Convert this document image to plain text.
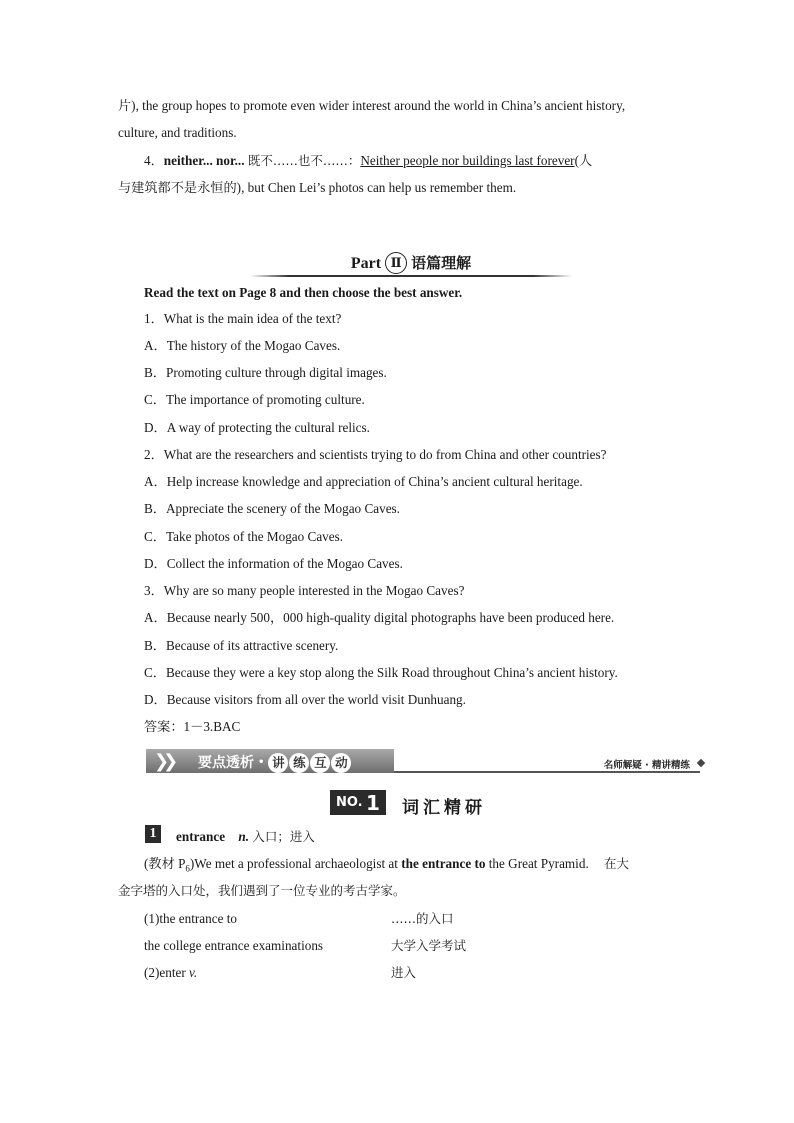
片), the group hopes to promote even wider interest around the world in China’s ancient history,
culture, and traditions.
4．neither... nor... 既不……也不……：Neither people nor buildings last forever(人
与建筑都不是永恒的), but Chen Lei’s photos can help us remember them.
Part Ⅱ 语篇理解
Read the text on Page 8 and then choose the best answer.
1．What is the main idea of the text?
A．The history of the Mogao Caves.
B．Promoting culture through digital images.
C．The importance of promoting culture.
D．A way of protecting the cultural relics.
2．What are the researchers and scientists trying to do from China and other countries?
A．Help increase knowledge and appreciation of China’s ancient cultural heritage.
B．Appreciate the scenery of the Mogao Caves.
C．Take photos of the Mogao Caves.
D．Collect the information of the Mogao Caves.
3．Why are so many people interested in the Mogao Caves?
A．Because nearly 500，000 high-quality digital photographs have been produced here.
B．Because of its attractive scenery.
C．Because they were a key stop along the Silk Road throughout China’s ancient history.
D．Because visitors from all over the world visit Dunhuang.
答案：1－3.BAC
❯❯ 要点透析 • 讲 练 互 动	名师解疑 · 精讲精练
NO. 1 词汇精研
1	entrance n. 入口；进入
(教材 $P_6)We$ met a professional archaeologist at the entrance to the Great Pyramid. 在大
金字塔的入口处，我们遇到了一位专业的考古学家。
(1)the entrance to	……的入口
the college entrance examinations	大学入学考试
(2)enter v.	进入
